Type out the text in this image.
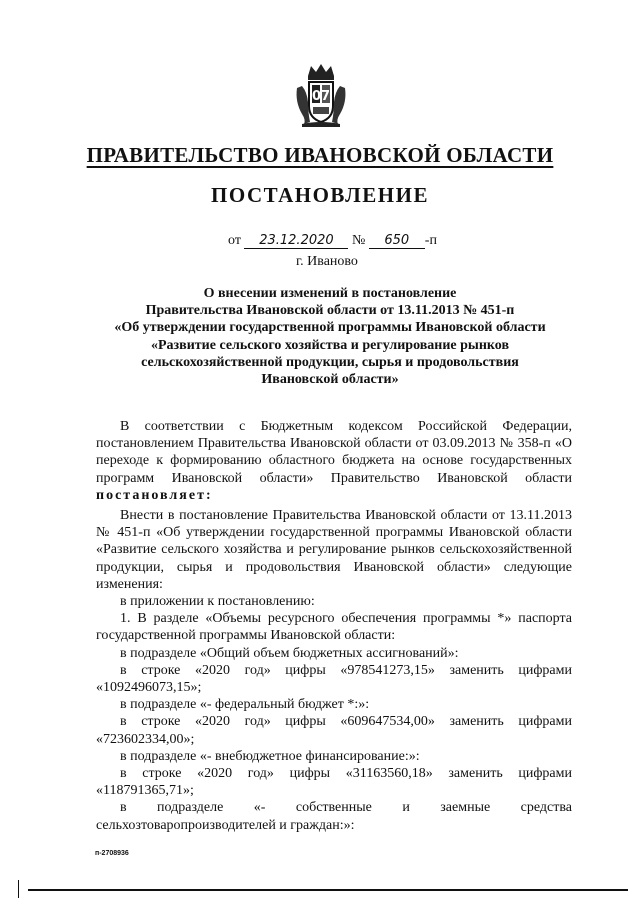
07
ПРАВИТЕЛЬСТВО ИВАНОВСКОЙ ОБЛАСТИ
ПОСТАНОВЛЕНИЕ
от 23.12.2020 № 650 -п
г. Иваново
О внесении изменений в постановление
Правительства Ивановской области от 13.11.2013 № 451-п
«Об утверждении государственной программы Ивановской области
«Развитие сельского хозяйства и регулирование рынков
сельскохозяйственной продукции, сырья и продовольствия
Ивановской области»

В соответствии с Бюджетным кодексом Российской Федерации, постановлением Правительства Ивановской области от 03.09.2013 № 358-п «О переходе к формированию областного бюджета на основе государственных программ Ивановской области» Правительство Ивановской области постановляет:

Внести в постановление Правительства Ивановской области от 13.11.2013 № 451-п «Об утверждении государственной программы Ивановской области «Развитие сельского хозяйства и регулирование рынков сельскохозяйственной продукции, сырья и продовольствия Ивановской области» следующие изменения:

в приложении к постановлению:

1. В разделе «Объемы ресурсного обеспечения программы *» паспорта государственной программы Ивановской области:

в подразделе «Общий объем бюджетных ассигнований»:

в строке «2020 год» цифры «978541273,15» заменить цифрами «1092496073,15»;

в подразделе «- федеральный бюджет *:»:

в строке «2020 год» цифры «609647534,00» заменить цифрами «723602334,00»;

в подразделе «- внебюджетное финансирование:»:

в строке «2020 год» цифры «31163560,18» заменить цифрами «118791365,71»;

в подразделе «- собственные и заемные средства сельхозтоваропроизводителей и граждан:»:

п-2708936
